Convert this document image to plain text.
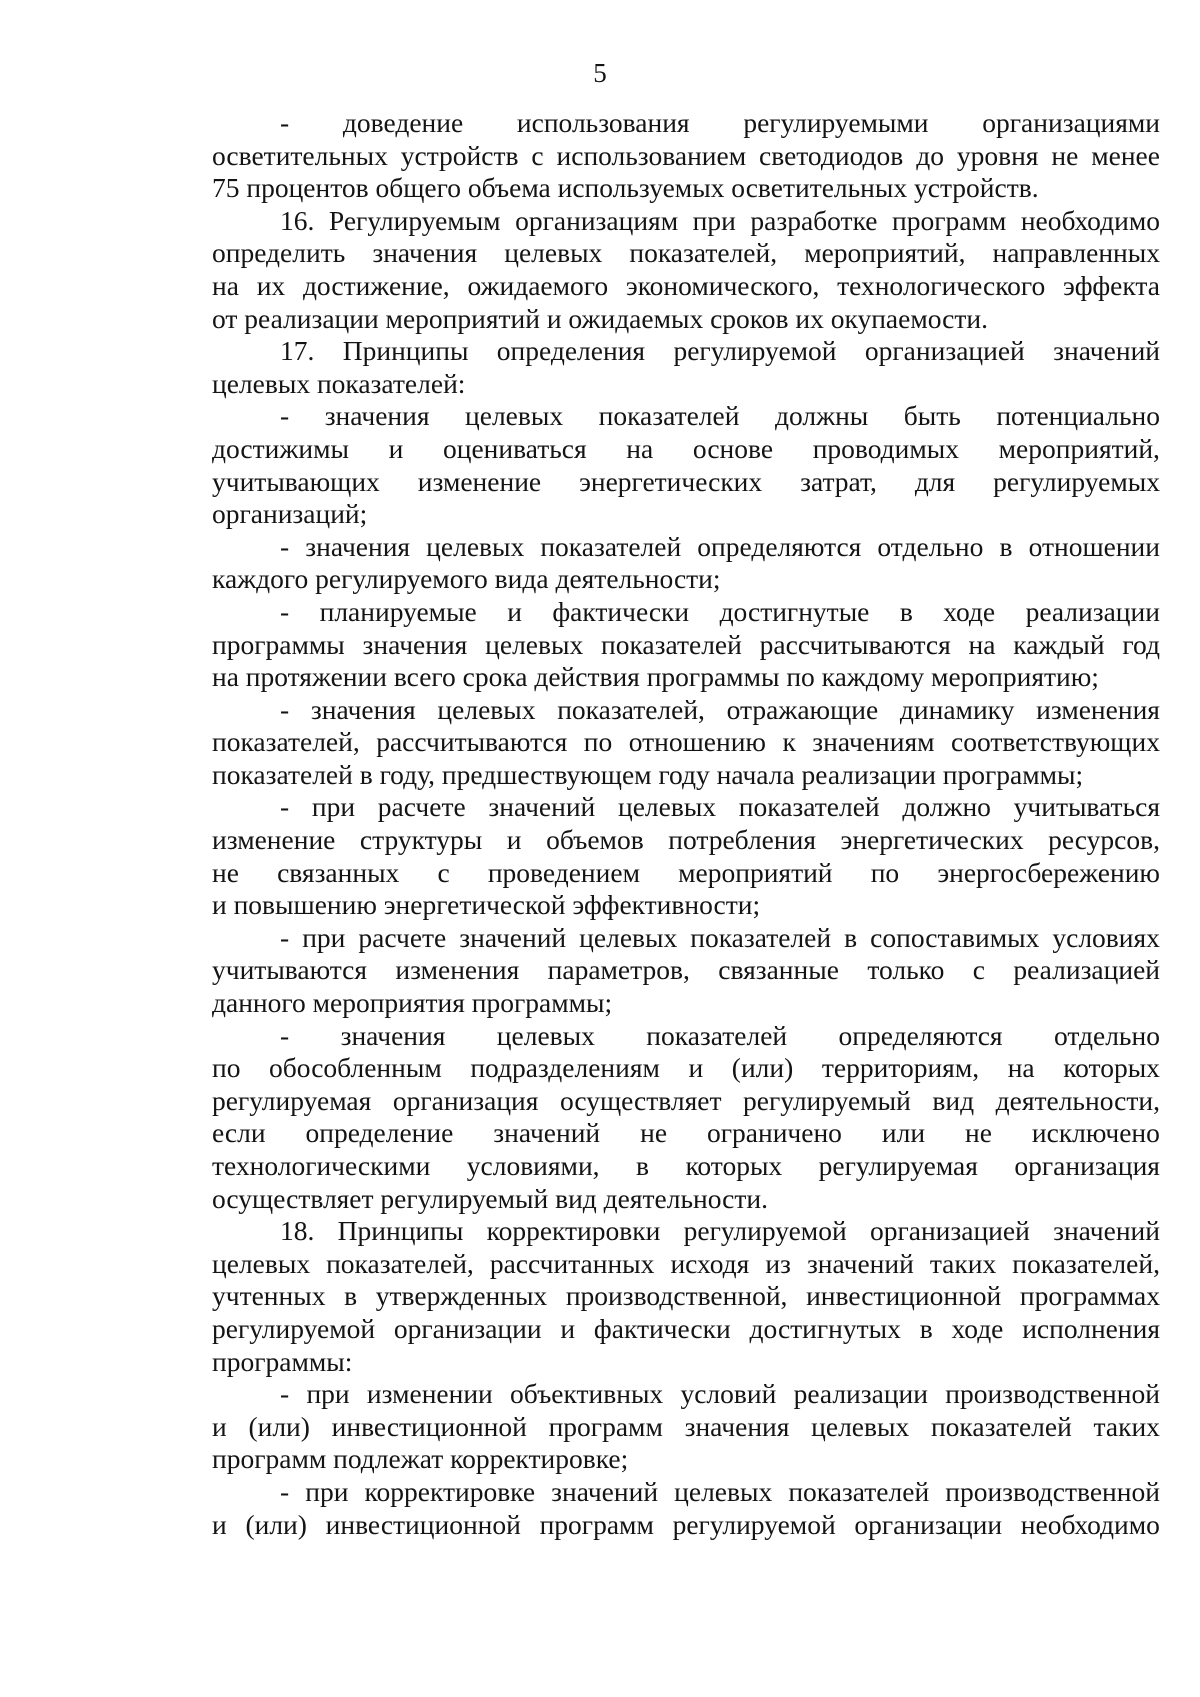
5
- доведение использования регулируемыми организациями
осветительных устройств с использованием светодиодов до уровня не менее
75 процентов общего объема используемых осветительных устройств.
16. Регулируемым организациям при разработке программ необходимо
определить значения целевых показателей, мероприятий, направленных
на их достижение, ожидаемого экономического, технологического эффекта
от реализации мероприятий и ожидаемых сроков их окупаемости.
17. Принципы определения регулируемой организацией значений
целевых показателей:
- значения целевых показателей должны быть потенциально
достижимы и оцениваться на основе проводимых мероприятий,
учитывающих изменение энергетических затрат, для регулируемых
организаций;
- значения целевых показателей определяются отдельно в отношении
каждого регулируемого вида деятельности;
- планируемые и фактически достигнутые в ходе реализации
программы значения целевых показателей рассчитываются на каждый год
на протяжении всего срока действия программы по каждому мероприятию;
- значения целевых показателей, отражающие динамику изменения
показателей, рассчитываются по отношению к значениям соответствующих
показателей в году, предшествующем году начала реализации программы;
- при расчете значений целевых показателей должно учитываться
изменение структуры и объемов потребления энергетических ресурсов,
не связанных с проведением мероприятий по энергосбережению
и повышению энергетической эффективности;
- при расчете значений целевых показателей в сопоставимых условиях
учитываются изменения параметров, связанные только с реализацией
данного мероприятия программы;
- значения целевых показателей определяются отдельно
по обособленным подразделениям и (или) территориям, на которых
регулируемая организация осуществляет регулируемый вид деятельности,
если определение значений не ограничено или не исключено
технологическими условиями, в которых регулируемая организация
осуществляет регулируемый вид деятельности.
18. Принципы корректировки регулируемой организацией значений
целевых показателей, рассчитанных исходя из значений таких показателей,
учтенных в утвержденных производственной, инвестиционной программах
регулируемой организации и фактически достигнутых в ходе исполнения
программы:
- при изменении объективных условий реализации производственной
и (или) инвестиционной программ значения целевых показателей таких
программ подлежат корректировке;
- при корректировке значений целевых показателей производственной
и (или) инвестиционной программ регулируемой организации необходимо
